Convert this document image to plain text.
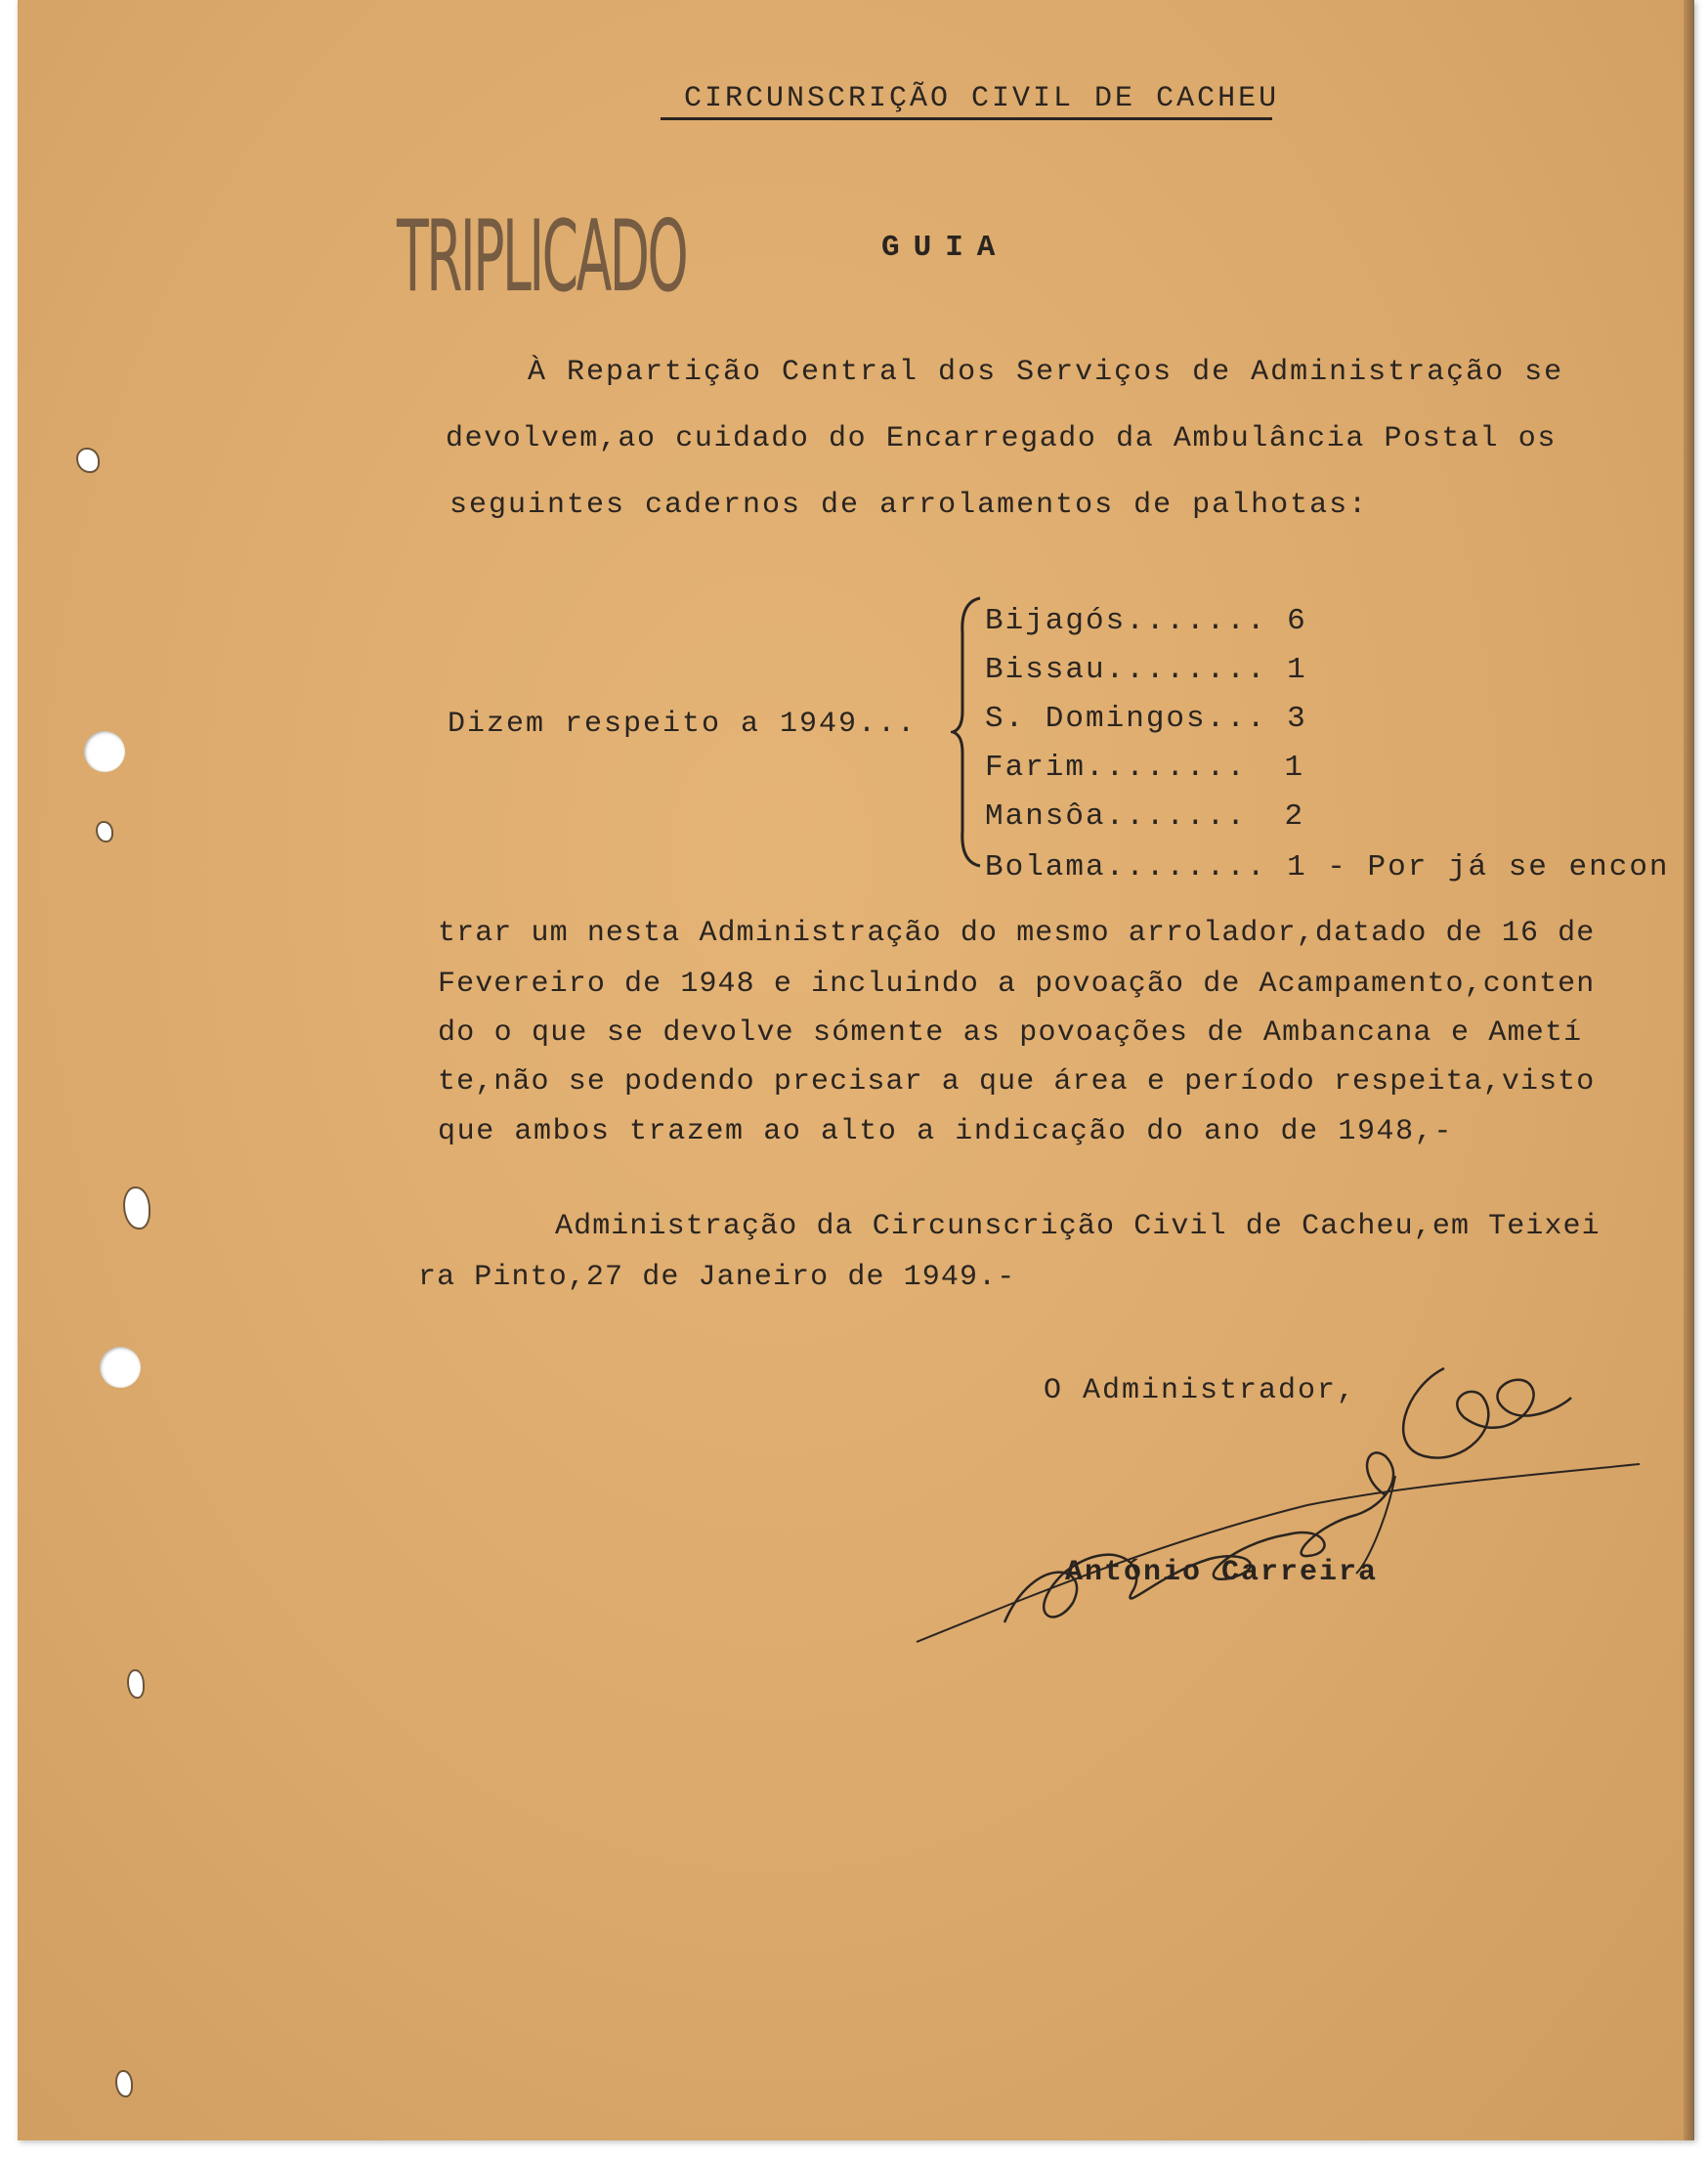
CIRCUNSCRIÇÃO CIVIL DE CACHEU
TRIPLICADO	GUIA
À Repartição Central dos Serviços de Administração se
devolvem,ao cuidado do Encarregado da Ambulância Postal os
seguintes cadernos de arrolamentos de palhotas:
Dizem respeito a 1949...
Bijagós....... 6
Bissau........ 1
S. Domingos... 3
Farim........ 1
Mansôa....... 2
Bolama........ 1 - Por já se encon
trar um nesta Administração do mesmo arrolador,datado de 16 de
Fevereiro de 1948 e incluindo a povoação de Acampamento,conten
do o que se devolve sómente as povoações de Ambancana e Ametí
te,não se podendo precisar a que área e período respeita,visto
que ambos trazem ao alto a indicação do ano de 1948,-
Administração da Circunscrição Civil de Cacheu,em Teixei
ra Pinto,27 de Janeiro de 1949.-
O Administrador,
António Carreira
